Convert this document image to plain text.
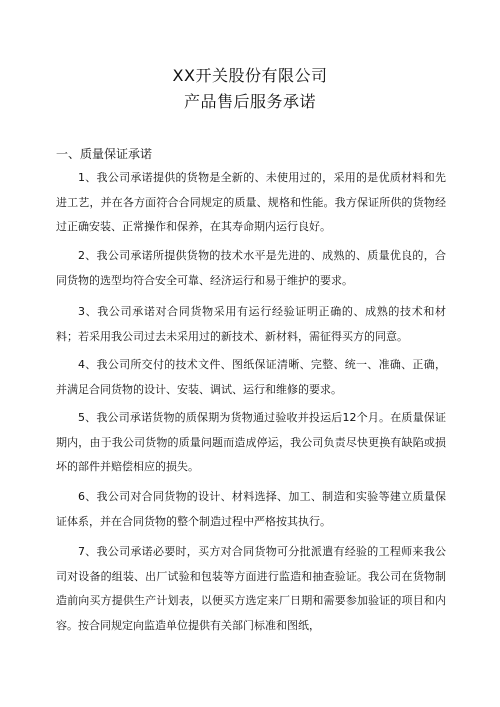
XX开关股份有限公司
产品售后服务承诺
一、质量保证承诺

1、我公司承诺提供的货物是全新的、未使用过的，采用的是优质材料和先进工艺，并在各方面符合合同规定的质量、规格和性能。我方保证所供的货物经过正确安装、正常操作和保养，在其寿命期内运行良好。

2、我公司承诺所提供货物的技术水平是先进的、成熟的、质量优良的，合同货物的选型均符合安全可靠、经济运行和易于维护的要求。

3、我公司承诺对合同货物采用有运行经验证明正确的、成熟的技术和材料；若采用我公司过去未采用过的新技术、新材料，需征得买方的同意。

4、我公司所交付的技术文件、图纸保证清晰、完整、统一、准确、正确，并满足合同货物的设计、安装、调试、运行和维修的要求。

5、我公司承诺货物的质保期为货物通过验收并投运后12个月。在质量保证期内，由于我公司货物的质量问题而造成停运，我公司负责尽快更换有缺陷或损坏的部件并赔偿相应的损失。

6、我公司对合同货物的设计、材料选择、加工、制造和实验等建立质量保证体系，并在合同货物的整个制造过程中严格按其执行。

7、我公司承诺必要时，买方对合同货物可分批派遣有经验的工程师来我公司对设备的组装、出厂试验和包装等方面进行监造和抽查验证。我公司在货物制造前向买方提供生产计划表，以便买方选定来厂日期和需要参加验证的项目和内容。按合同规定向监造单位提供有关部门标准和图纸，
